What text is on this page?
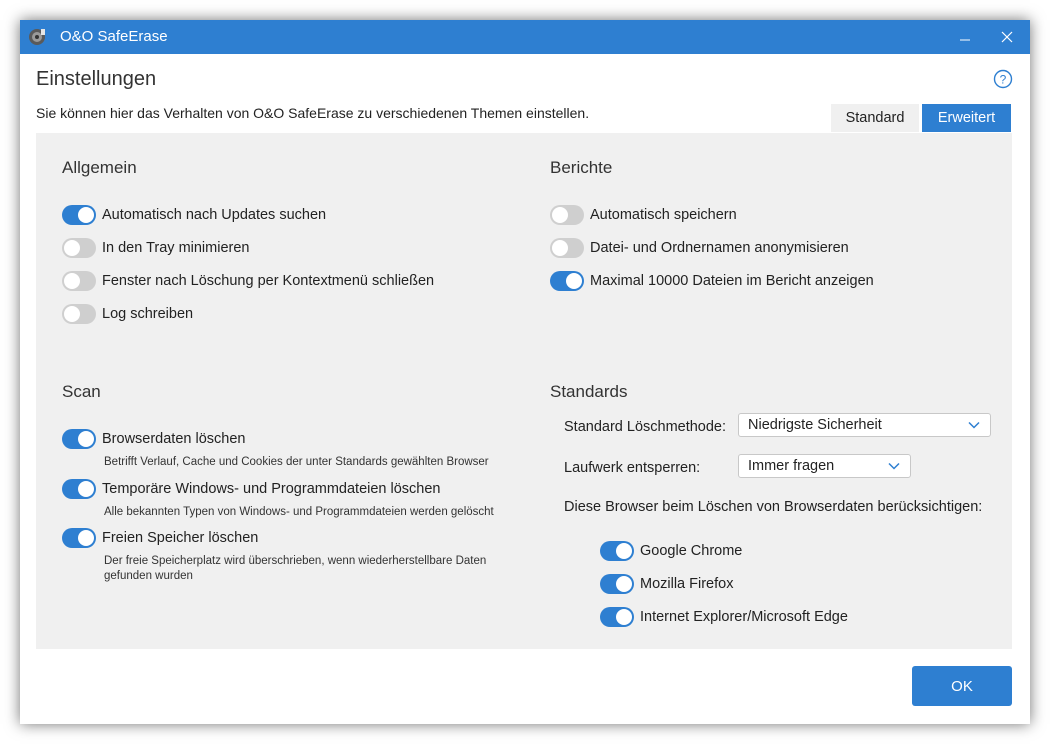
O&O SafeErase
Einstellungen	?
Sie können hier das Verhalten von O&O SafeErase zu verschiedenen Themen einstellen.	Standard	Erweitert
Allgemein
Automatisch nach Updates suchen
In den Tray minimieren
Fenster nach Löschung per Kontextmenü schließen
Log schreiben
Berichte
Automatisch speichern
Datei- und Ordnernamen anonymisieren
Maximal 10000 Dateien im Bericht anzeigen
Scan
Browserdaten löschen
Betrifft Verlauf, Cache und Cookies der unter Standards gewählten Browser
Temporäre Windows- und Programmdateien löschen
Alle bekannten Typen von Windows- und Programmdateien werden gelöscht
Freien Speicher löschen
Der freie Speicherplatz wird überschrieben, wenn wiederherstellbare Daten
gefunden wurden
Standards
Standard Löschmethode: Niedrigste Sicherheit
Laufwerk entsperren:	Immer fragen
Diese Browser beim Löschen von Browserdaten berücksichtigen:
Google Chrome
Mozilla Firefox
Internet Explorer/Microsoft Edge
OK
